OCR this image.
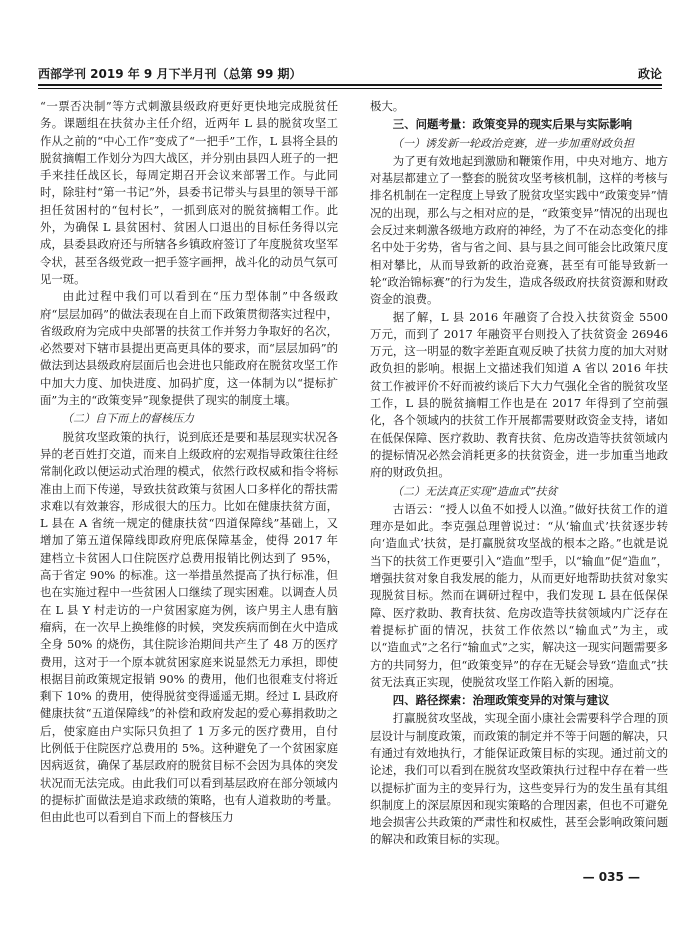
西部学刊 2019 年 9 月下半月刊（总第 99 期）	政论

“一票否决制”等方式刺激县级政府更好更快地完成脱贫任务。课题组在扶贫办主任介绍，近两年 L 县的脱贫攻坚工作从之前的“中心工作”变成了“一把手”工作，L 县将全县的脱贫摘帽工作划分为四大战区，并分别由县四人班子的一把手来挂任战区长，每周定期召开会议来部署工作。与此同时，除驻村“第一书记”外，县委书记带头与县里的领导干部担任贫困村的“包村长”，一抓到底对的脱贫摘帽工作。此外，为确保 L 县贫困村、贫困人口退出的目标任务得以完成，县委县政府还与所辖各乡镇政府签订了年度脱贫攻坚军令状，甚至各级党政一把手签字画押，战斗化的动员气氛可见一斑。

由此过程中我们可以看到在“压力型体制”中各级政府“层层加码”的做法表现在自上而下政策贯彻落实过程中，省级政府为完成中央部署的扶贫工作并努力争取好的名次，必然要对下辖市县提出更高更具体的要求，而“层层加码”的做法到达县级政府层面后也会进也只能政府在脱贫攻坚工作中加大力度、加快进度、加码扩度，这一体制为以“提标扩面”为主的“政策变异”现象提供了现实的制度土壤。

（二）自下而上的督核压力

脱贫攻坚政策的执行，说到底还是要和基层现实状况各异的老百姓打交道，而来自上级政府的宏观指导政策往往经常制化政以便运动式治理的模式，依然行政权威和指令将标准由上而下传递，导致扶贫政策与贫困人口多样化的帮扶需求难以有效兼容，形成很大的压力。比如在健康扶贫方面，L 县在 A 省统一规定的健康扶贫“四道保障线”基础上，又增加了第五道保障线即政府兜底保障基金，使得 2017 年建档立卡贫困人口住院医疗总费用报销比例达到了 95%，高于省定 90% 的标准。这一举措虽然提高了执行标准，但也在实施过程中一些贫困人口继续了现实困难。以调查人员在 L 县 Y 村走访的一户贫困家庭为例，该户男主人患有脑瘤病，在一次早上换维修的时候，突发疾病而倒在火中造成全身 50% 的烧伤，其住院诊治期间共产生了 48 万的医疗费用，这对于一个原本就贫困家庭来说显然无力承担，即使根据目前政策规定报销 90% 的费用，他们也很难支付将近剩下 10% 的费用，使得脱贫变得遥遥无期。经过 L 县政府健康扶贫“五道保障线”的补偿和政府发起的爱心募捐救助之后，使家庭由户实际只负担了 1 万多元的医疗费用，自付比例低于住院医疗总费用的 5%。这种避免了一个贫困家庭因病返贫，确保了基层政府的脱贫目标不会因为具体的突发状况而无法完成。由此我们可以看到基层政府在部分领域内的提标扩面做法是追求政绩的策略，也有人道救助的考量。但由此也可以看到自下而上的督核压力

极大。

三、问题考量：政策变异的现实后果与实际影响
（一）诱发新一轮政治竞赛，进一步加重财政负担

为了更有效地起到激励和鞭策作用，中央对地方、地方对基层都建立了一整套的脱贫攻坚考核机制，这样的考核与排名机制在一定程度上导致了脱贫攻坚实践中“政策变异”情况的出现，那么与之相对应的是，“政策变异”情况的出现也会反过来刺激各级地方政府的神经，为了不在动态变化的排名中处于劣势，省与省之间、县与县之间可能会比政策尺度相对攀比，从而导致新的政治竞赛，甚至有可能导致新一轮“政治锦标赛”的行为发生，造成各级政府扶贫资源和财政资金的浪费。

据了解，L 县 2016 年融资了合投入扶贫资金 5500 万元，而到了 2017 年融资平台则投入了扶贫资金 26946 万元，这一明显的数字差距直观反映了扶贫力度的加大对财政负担的影响。根据上文描述我们知道 A 省以 2016 年扶贫工作被评价不好而被约谈后下大力气强化全省的脱贫攻坚工作，L 县的脱贫摘帽工作也是在 2017 年得到了空前强化，各个领域内的扶贫工作开展都需要财政资金支持，诸如在低保保障、医疗救助、教育扶贫、危房改造等扶贫领域内的提标情况必然会消耗更多的扶贫资金，进一步加重当地政府的财政负担。

（二）无法真正实现“造血式”扶贫

古语云：“授人以鱼不如授人以渔。”做好扶贫工作的道理亦是如此。李克强总理曾说过：“从‘输血式’扶贫逐步转向‘造血式’扶贫，是打赢脱贫攻坚战的根本之路。”也就是说当下的扶贫工作更要引入“造血”型手，以“输血”促“造血”，增强扶贫对象自我发展的能力，从而更好地帮助扶贫对象实现脱贫目标。然而在调研过程中，我们发现 L 县在低保保障、医疗救助、教育扶贫、危房改造等扶贫领域内广泛存在着提标扩面的情况，扶贫工作依然以“输血式”为主，或以“造血式”之名行“输血式”之实，解决这一现实问题需要多方的共同努力，但“政策变异”的存在无疑会导致“造血式”扶贫无法真正实现，使脱贫攻坚工作陷入新的困境。

四、路径探索：治理政策变异的对策与建议

打赢脱贫攻坚战，实现全面小康社会需要科学合理的顶层设计与制度政策，而政策的制定并不等于问题的解决，只有通过有效地执行，才能保证政策目标的实现。通过前文的论述，我们可以看到在脱贫攻坚政策执行过程中存在着一些以提标扩面为主的变异行为，这些变异行为的发生虽有其组织制度上的深层原因和现实策略的合理因素，但也不可避免地会损害公共政策的严肃性和权威性，甚至会影响政策问题的解决和政策目标的实现。

— 035 —
